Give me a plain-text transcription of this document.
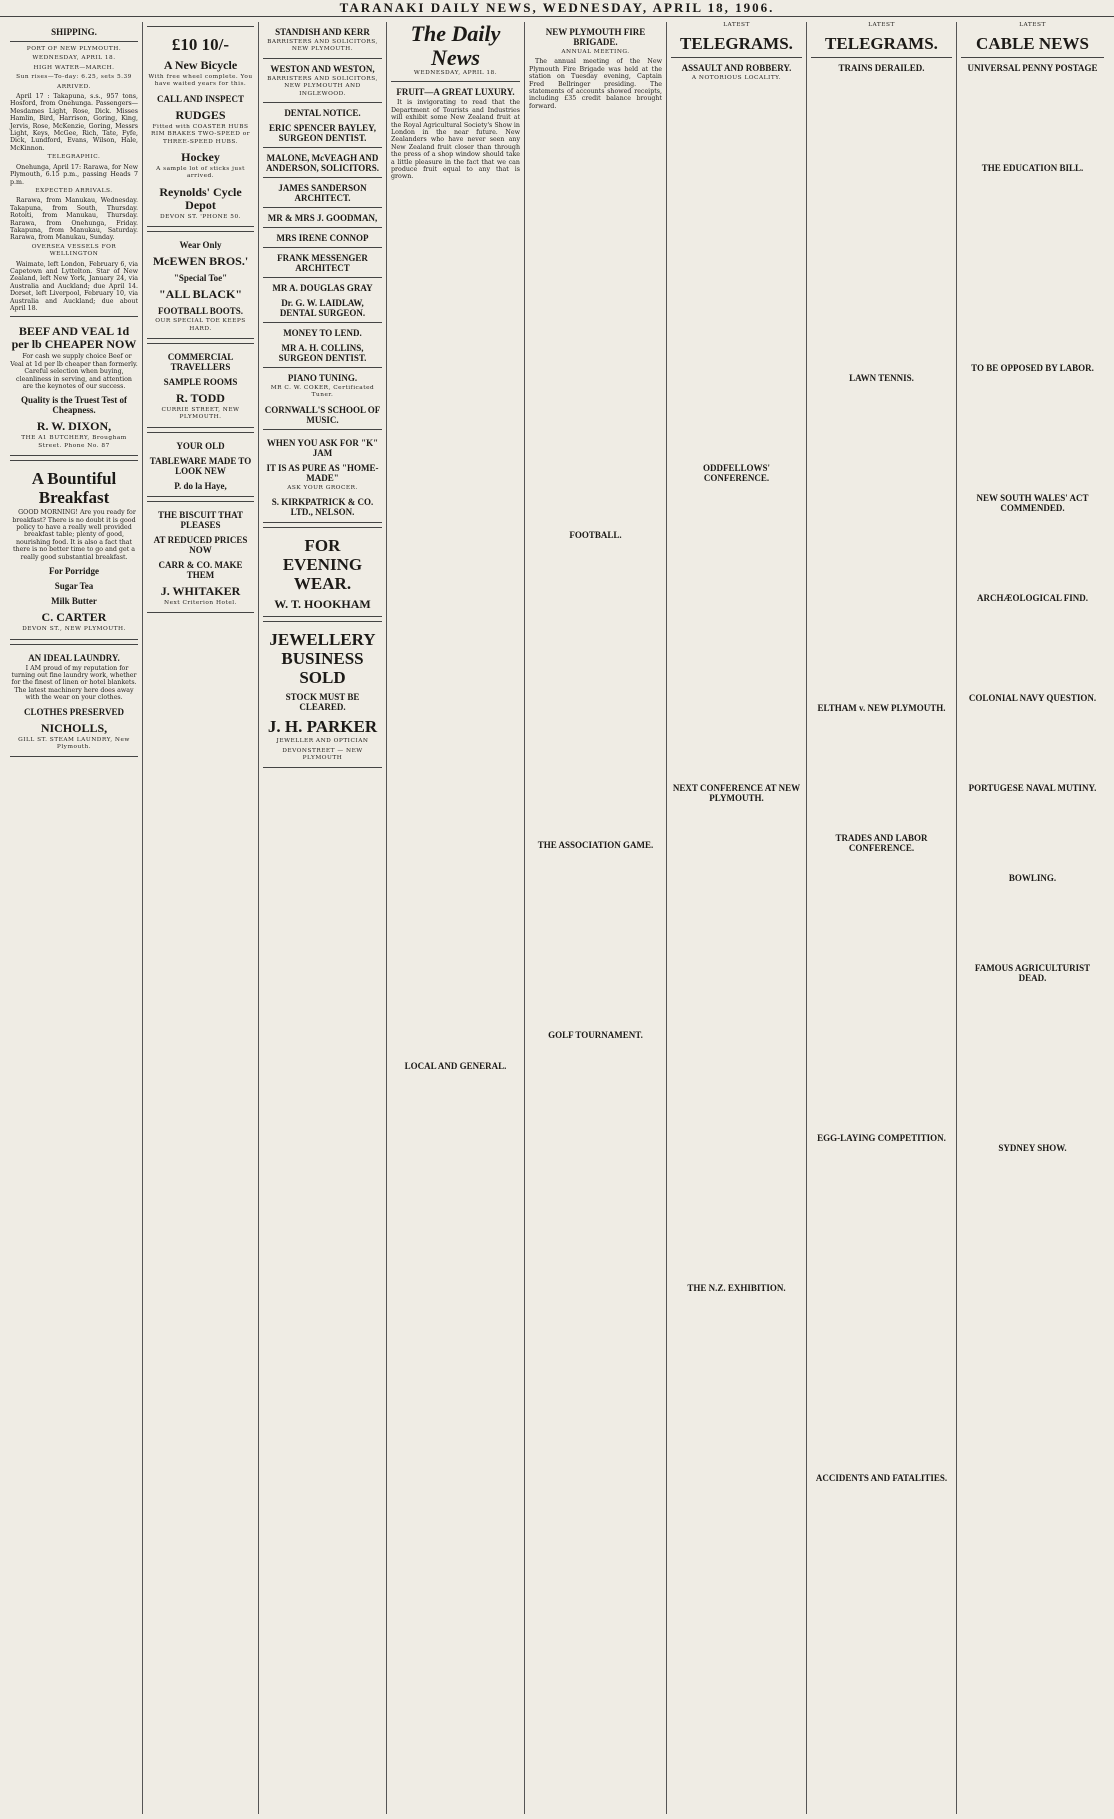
TARANAKI DAILY NEWS, WEDNESDAY, APRIL 18, 1906.
SHIPPING.
PORT OF NEW PLYMOUTH.
WEDNESDAY, APRIL 18.
HIGH WATER—MARCH.
Sun rises—To-day: 6.25, sets 5.39
ARRIVED.

April 17 : Takapuna, s.s., 957 tons, Hosford, from Onehunga. Passengers—Mesdames Light, Rose, Dick. Misses Hamlin, Bird, Harrison, Goring, King, Jervis, Rose, McKenzie, Goring, Messrs Light, Keys, McGee, Rich, Tate, Fyfe, Dick, Lundford, Evans, Wilson, Hale, McKinnon.

TELEGRAPHIC.

Onehunga, April 17: Rarawa, for New Plymouth, 6.15 p.m., passing Heads 7 p.m.

EXPECTED ARRIVALS.

Rarawa, from Manukau, Wednesday. Takapuna, from South, Thursday. Rotoiti, from Manukau, Thursday. Rarawa, from Onehunga, Friday. Takapuna, from Manukau, Saturday. Rarawa, from Manukau, Sunday.

OVERSEA VESSELS FOR WELLINGTON

Waimate, left London, February 6, via Capetown and Lyttelton. Star of New Zealand, left New York, January 24, via Australia and Auckland; due April 14. Dorset, left Liverpool, February 10, via Australia and Auckland; due about April 18.

BEEF AND VEAL 1d per lb CHEAPER NOW

For cash we supply choice Beef or Veal at 1d per lb cheaper than formerly. Careful selection when buying, cleanliness in serving, and attention are the keynotes of our success.

Quality is the Truest Test of Cheapness.
R. W. DIXON,
THE A1 BUTCHERY, Brougham Street. Phone No. 87
A Bountiful Breakfast

GOOD MORNING! Are you ready for breakfast? There is no doubt it is good policy to have a really well provided breakfast table; plenty of good, nourishing food. It is also a fact that there is no better time to go and get a really good substantial breakfast.

For Porridge
Sugar Tea
Milk Butter
C. CARTER
DEVON ST., NEW PLYMOUTH.
AN IDEAL LAUNDRY.

I AM proud of my reputation for turning out fine laundry work, whether for the finest of linen or hotel blankets. The latest machinery here does away with the wear on your clothes.

CLOTHES PRESERVED
NICHOLLS,
GILL ST. STEAM LAUNDRY, New Plymouth.
£10 10/-
A New Bicycle
With free wheel complete. You have waited years for this.
CALL AND INSPECT
RUDGES
Fitted with COASTER HUBS RIM BRAKES TWO-SPEED or THREE-SPEED HUBS.
Hockey
A sample lot of sticks just arrived.
Reynolds' Cycle Depot
DEVON ST. 'PHONE 50.
Wear Only
McEWEN BROS.'
"Special Toe"
"ALL BLACK"
FOOTBALL BOOTS.
OUR SPECIAL TOE KEEPS HARD.
COMMERCIAL TRAVELLERS
SAMPLE ROOMS
R. TODD
CURRIE STREET, NEW PLYMOUTH.
YOUR OLD
TABLEWARE MADE TO LOOK NEW
P. do la Haye,
THE BISCUIT THAT PLEASES
AT REDUCED PRICES NOW
CARR & CO. MAKE THEM
J. WHITAKER
Next Criterion Hotel.
STANDISH AND KERR
BARRISTERS AND SOLICITORS, NEW PLYMOUTH.
WESTON AND WESTON,
BARRISTERS AND SOLICITORS, NEW PLYMOUTH AND INGLEWOOD.
DENTAL NOTICE.
ERIC SPENCER BAYLEY, SURGEON DENTIST.
MALONE, McVEAGH AND ANDERSON, SOLICITORS.
JAMES SANDERSON ARCHITECT.
MR & MRS J. GOODMAN,
MRS IRENE CONNOP
FRANK MESSENGER ARCHITECT
MR A. DOUGLAS GRAY
Dr. G. W. LAIDLAW, DENTAL SURGEON.
MONEY TO LEND.
MR A. H. COLLINS, SURGEON DENTIST.
PIANO TUNING.
MR C. W. COKER, Certificated Tuner.
CORNWALL'S SCHOOL OF MUSIC.
WHEN YOU ASK FOR "K" JAM
IT IS AS PURE AS "HOME-MADE"
ASK YOUR GROCER.
S. KIRKPATRICK & CO. LTD., NELSON.
FOR EVENING WEAR.
W. T. HOOKHAM
JEWELLERY BUSINESS SOLD
STOCK MUST BE CLEARED.
J. H. PARKER
JEWELLER AND OPTICIAN
DEVONSTREET — NEW PLYMOUTH
The Daily News
WEDNESDAY, APRIL 18.
FRUIT—A GREAT LUXURY.

It is invigorating to read that the Department of Tourists and Industries will exhibit some New Zealand fruit at the Royal Agricultural Society's Show in London in the near future. New Zealanders who have never seen any New Zealand fruit closer than through the press of a shop window should take a little pleasure in the fact that we can produce fruit equal to any that is grown.

LOCAL AND GENERAL.
NEW PLYMOUTH FIRE BRIGADE.
ANNUAL MEETING.

The annual meeting of the New Plymouth Fire Brigade was held at the station on Tuesday evening, Captain Fred Bellringer presiding. The statements of accounts showed receipts, including £35 credit balance brought forward.

FOOTBALL.
THE ASSOCIATION GAME.
GOLF TOURNAMENT.
LATEST
TELEGRAMS.
ASSAULT AND ROBBERY.
A NOTORIOUS LOCALITY.
ODDFELLOWS' CONFERENCE.
NEXT CONFERENCE AT NEW PLYMOUTH.
THE N.Z. EXHIBITION.
LATEST
TELEGRAMS.
TRAINS DERAILED.
LAWN TENNIS.
ELTHAM v. NEW PLYMOUTH.
TRADES AND LABOR CONFERENCE.
EGG-LAYING COMPETITION.
ACCIDENTS AND FATALITIES.
LATEST
CABLE NEWS
UNIVERSAL PENNY POSTAGE
THE EDUCATION BILL.
TO BE OPPOSED BY LABOR.
NEW SOUTH WALES' ACT COMMENDED.
ARCHÆOLOGICAL FIND.
COLONIAL NAVY QUESTION.
PORTUGESE NAVAL MUTINY.
BOWLING.
FAMOUS AGRICULTURIST DEAD.
SYDNEY SHOW.
